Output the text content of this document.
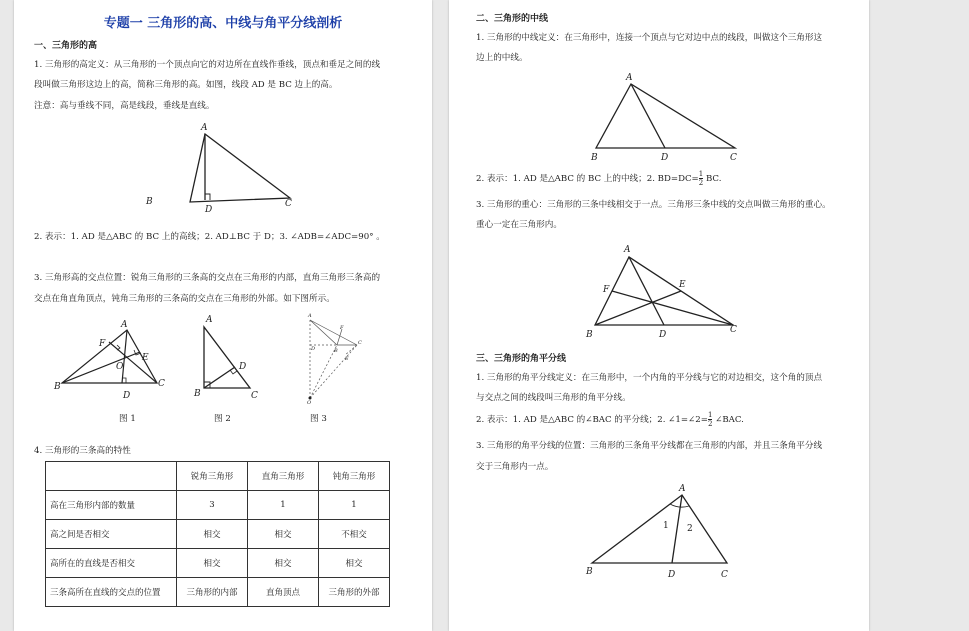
专题一 三角形的高、中线与角平分线剖析
一、三角形的高
1. 三角形的高定义：从三角形的一个顶点向它的对边所在直线作垂线，顶点和垂足之间的线
段叫做三角形这边上的高，简称三角形的高。如图，线段 AD 是 BC 边上的高。
注意：高与垂线不同，高是线段，垂线是直线。
A
B	C
D
2. 表示：1. AD 是△ABC 的 BC 上的高线；2. AD⊥BC 于 D；3. ∠ADB=∠ADC=90° 。
3. 三角形高的交点位置：锐角三角形的三条高的交点在三角形的内部，直角三角形三条高的
交点在角直角顶点，钝角三角形的三条高的交点在三角形的外部。如下图所示。
A
B	C
D
E
F
O
图 1
A
B	C
D
图 2
A
F
B
D
C
E
O
图 3
4. 三角形的三条高的特性
	锐角三角形	直角三角形	钝角三角形
高在三角形内部的数量	3	1	1
高之间是否相交	相交	相交	不相交
高所在的直线是否相交	相交	相交	相交
三条高所在直线的交点的位置	三角形的内部	直角顶点	三角形的外部
二、三角形的中线
1. 三角形的中线定义：在三角形中，连接一个顶点与它对边中点的线段，叫做这个三角形这
边上的中线。
A
B	D	C
2. 表示：1. AD 是△ABC 的 BC 上的中线；2. $BD=DC= \frac{1}{2}$ BC.
3. 三角形的重心：三角形的三条中线相交于一点。三角形三条中线的交点叫做三角形的重心。
重心一定在三角形内。
A
E
F
B	D	C
三、三角形的角平分线
1. 三角形的角平分线定义：在三角形中，一个内角的平分线与它的对边相交，这个角的顶点
与交点之间的线段叫三角形的角平分线。
2. 表示：1. AD 是△ABC 的∠BAC 的平分线；2. ∠1=∠2= $\frac{1}{2}$ ∠BAC.
3. 三角形的角平分线的位置：三角形的三条角平分线都在三角形的内部，并且三条角平分线
交于三角形内一点。
A
1 2
B	D	C
